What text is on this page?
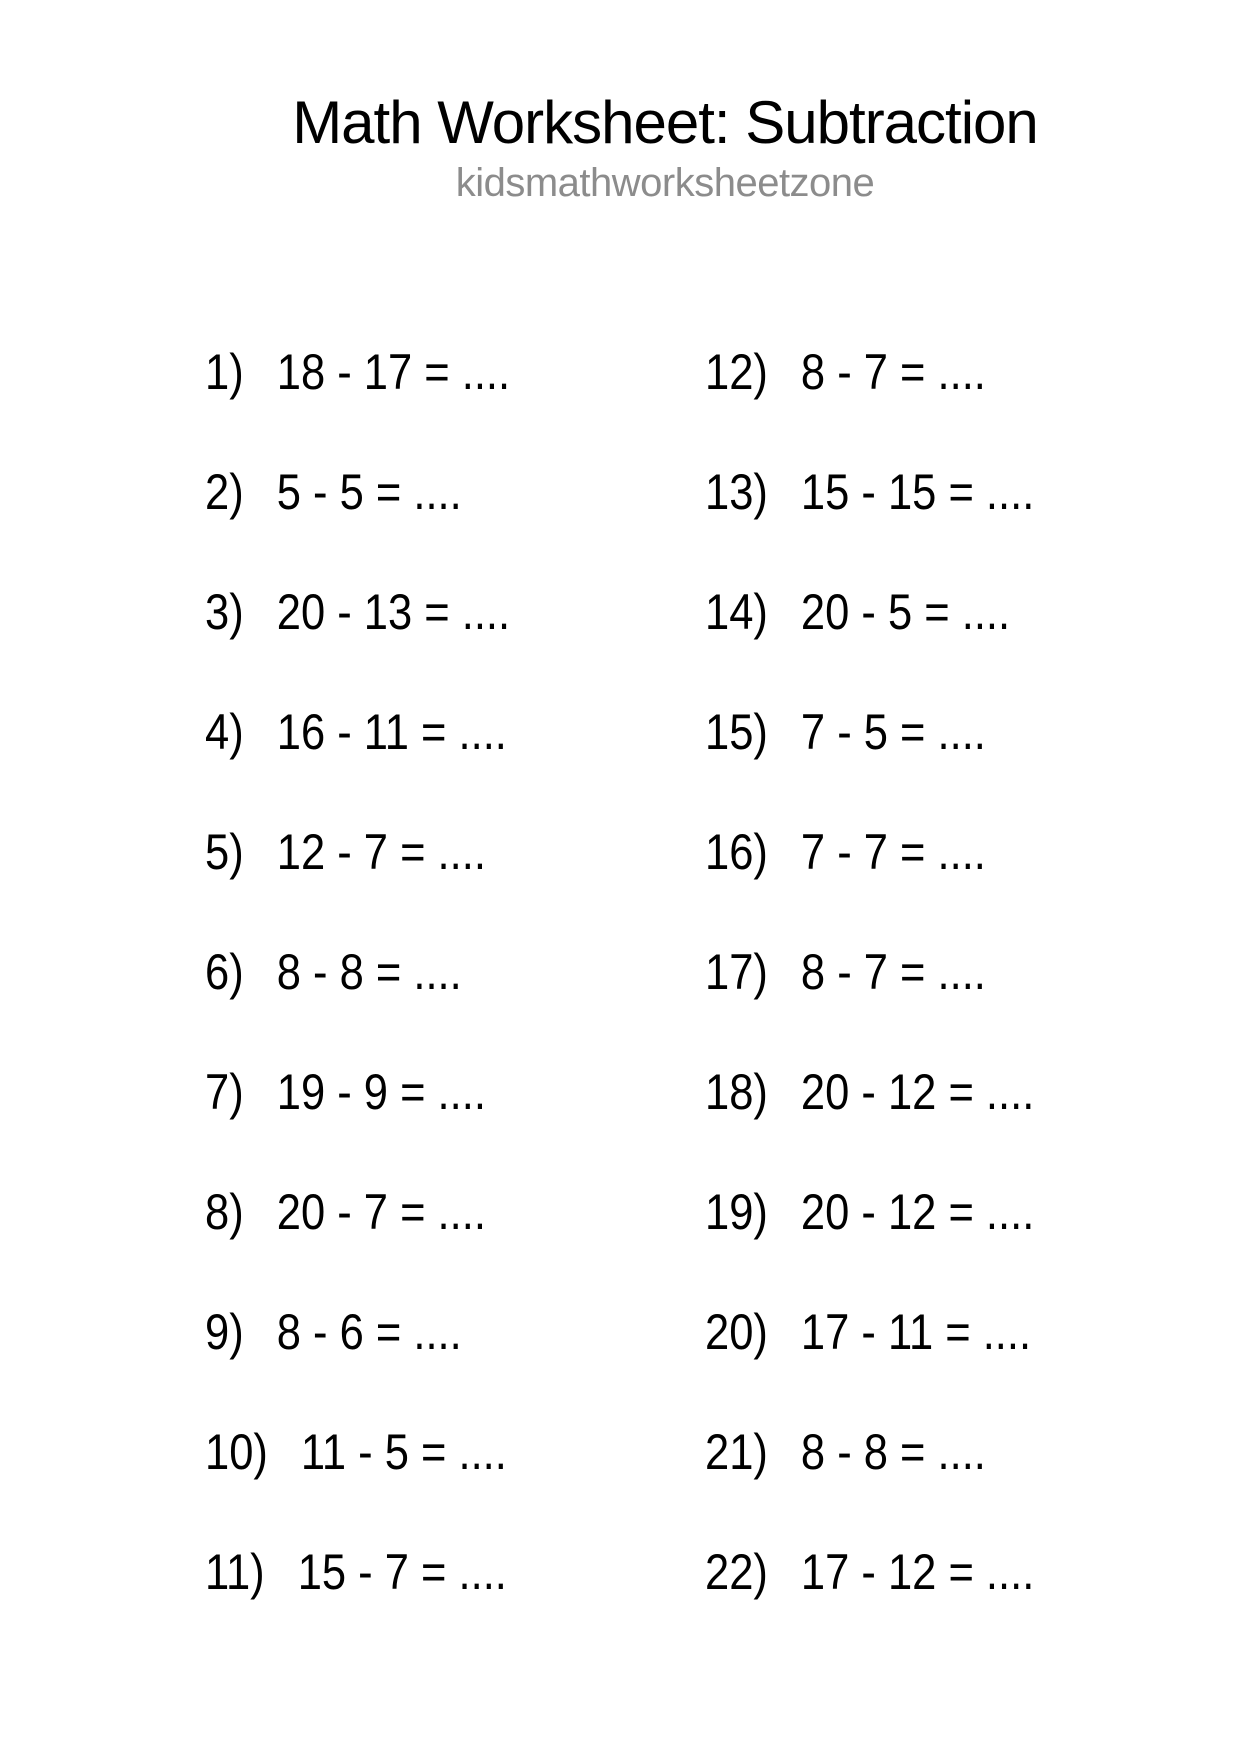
Math Worksheet: Subtraction
kidsmathworksheetzone
1) 18 - 17 = ....
2) 5 - 5 = ....
3) 20 - 13 = ....
4) 16 - 11 = ....
5) 12 - 7 = ....
6) 8 - 8 = ....
7) 19 - 9 = ....
8) 20 - 7 = ....
9) 8 - 6 = ....
10) 11 - 5 = ....
11) 15 - 7 = ....
12) 8 - 7 = ....
13) 15 - 15 = ....
14) 20 - 5 = ....
15) 7 - 5 = ....
16) 7 - 7 = ....
17) 8 - 7 = ....
18) 20 - 12 = ....
19) 20 - 12 = ....
20) 17 - 11 = ....
21) 8 - 8 = ....
22) 17 - 12 = ....
